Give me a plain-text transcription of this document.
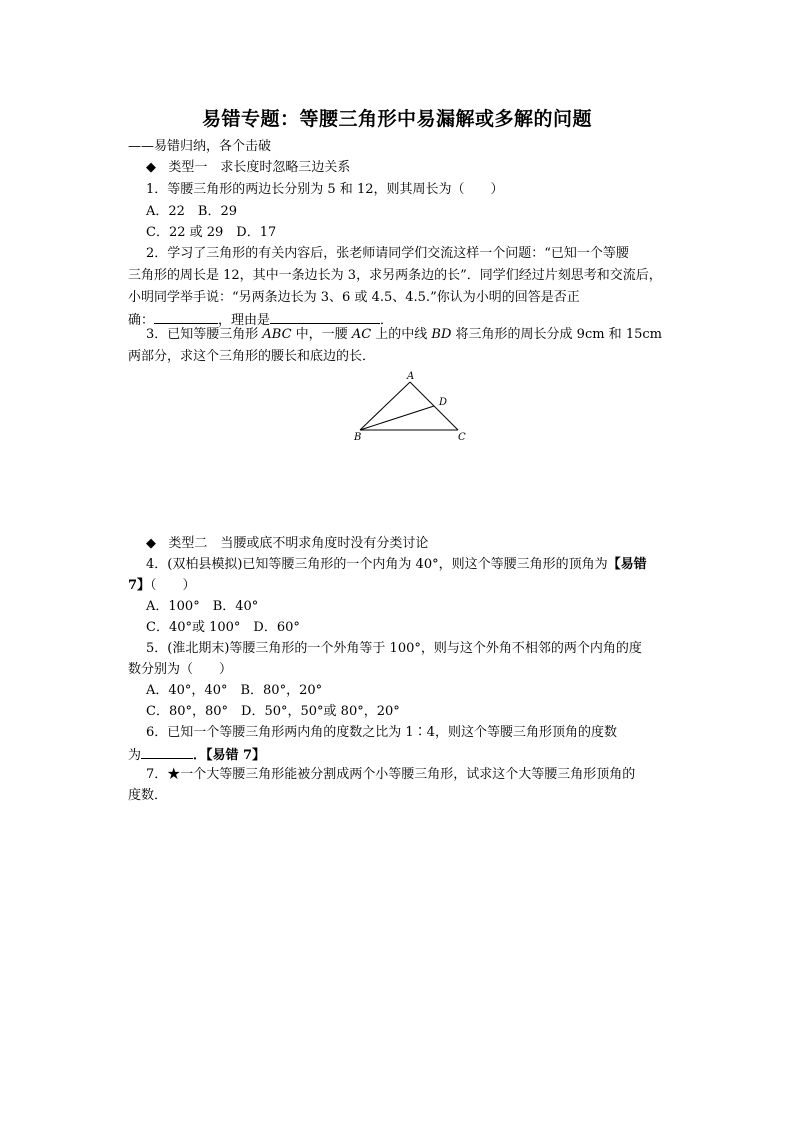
易错专题：等腰三角形中易漏解或多解的问题
——易错归纳，各个击破
◆ 类型一　求长度时忽略三边关系
1．等腰三角形的两边长分别为 5 和 12，则其周长为（　　）
A．22　B．29
C．22 或 29　D．17
2．学习了三角形的有关内容后，张老师请同学们交流这样一个问题：“已知一个等腰
三角形的周长是 12，其中一条边长为 3，求另两条边的长”．同学们经过片刻思考和交流后，
小明同学举手说：“另两条边长为 3、6 或 4.5、4.5.”你认为小明的回答是否正
确：	，理由是	．
3．已知等腰三角形 ABC 中，一腰 AC 上的中线 BD 将三角形的周长分成 9cm 和 15cm
两部分，求这个三角形的腰长和底边的长．
A
B	C
D
◆ 类型二　当腰或底不明求角度时没有分类讨论
4．(双柏县模拟)已知等腰三角形的一个内角为 40°，则这个等腰三角形的顶角为【易错
7】（　　）
A．100°　B．40°
C．40°或 100°　D．60°
5．(淮北期末)等腰三角形的一个外角等于 100°，则与这个外角不相邻的两个内角的度
数分别为（　　）
A．40°，40°　B．80°，20°
C．80°，80°　D．50°，50°或 80°，20°
6．已知一个等腰三角形两内角的度数之比为 1∶4，则这个等腰三角形顶角的度数
为	．【易错 7】
7．★一个大等腰三角形能被分割成两个小等腰三角形，试求这个大等腰三角形顶角的
度数．
